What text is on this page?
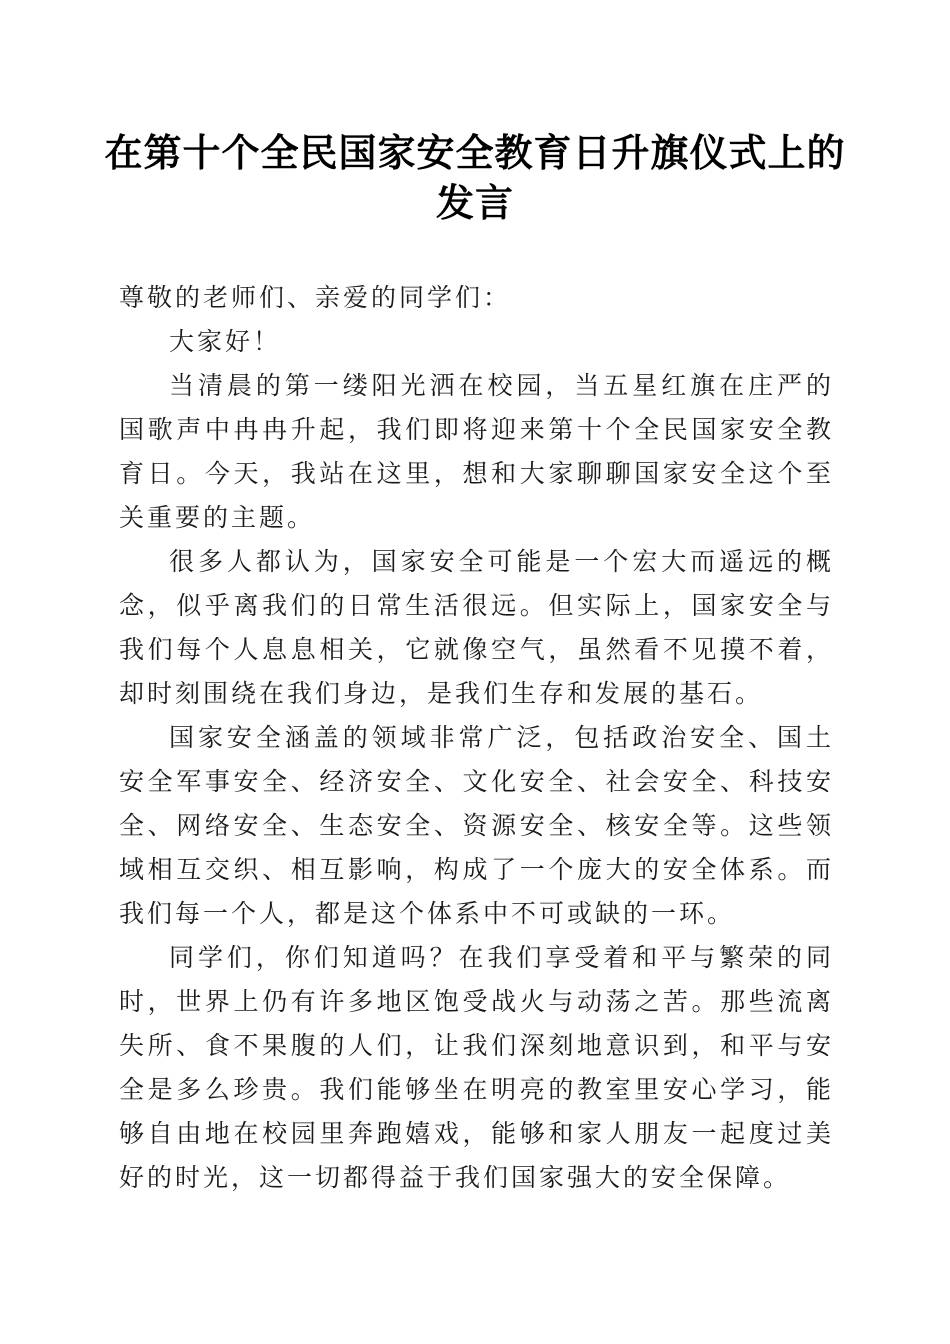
在第十个全民国家安全教育日升旗仪式上的发言

尊敬的老师们、亲爱的同学们：

大家好！

当清晨的第一缕阳光洒在校园，当五星红旗在庄严的国歌声中冉冉升起，我们即将迎来第十个全民国家安全教育日。今天，我站在这里，想和大家聊聊国家安全这个至关重要的主题。

很多人都认为，国家安全可能是一个宏大而遥远的概念，似乎离我们的日常生活很远。但实际上，国家安全与我们每个人息息相关，它就像空气，虽然看不见摸不着，却时刻围绕在我们身边，是我们生存和发展的基石。

国家安全涵盖的领域非常广泛，包括政治安全、国土安全军事安全、经济安全、文化安全、社会安全、科技安全、网络安全、生态安全、资源安全、核安全等。这些领域相互交织、相互影响，构成了一个庞大的安全体系。而我们每一个人，都是这个体系中不可或缺的一环。

同学们，你们知道吗？在我们享受着和平与繁荣的同时，世界上仍有许多地区饱受战火与动荡之苦。那些流离失所、食不果腹的人们，让我们深刻地意识到，和平与安全是多么珍贵。我们能够坐在明亮的教室里安心学习，能够自由地在校园里奔跑嬉戏，能够和家人朋友一起度过美好的时光，这一切都得益于我们国家强大的安全保障。
